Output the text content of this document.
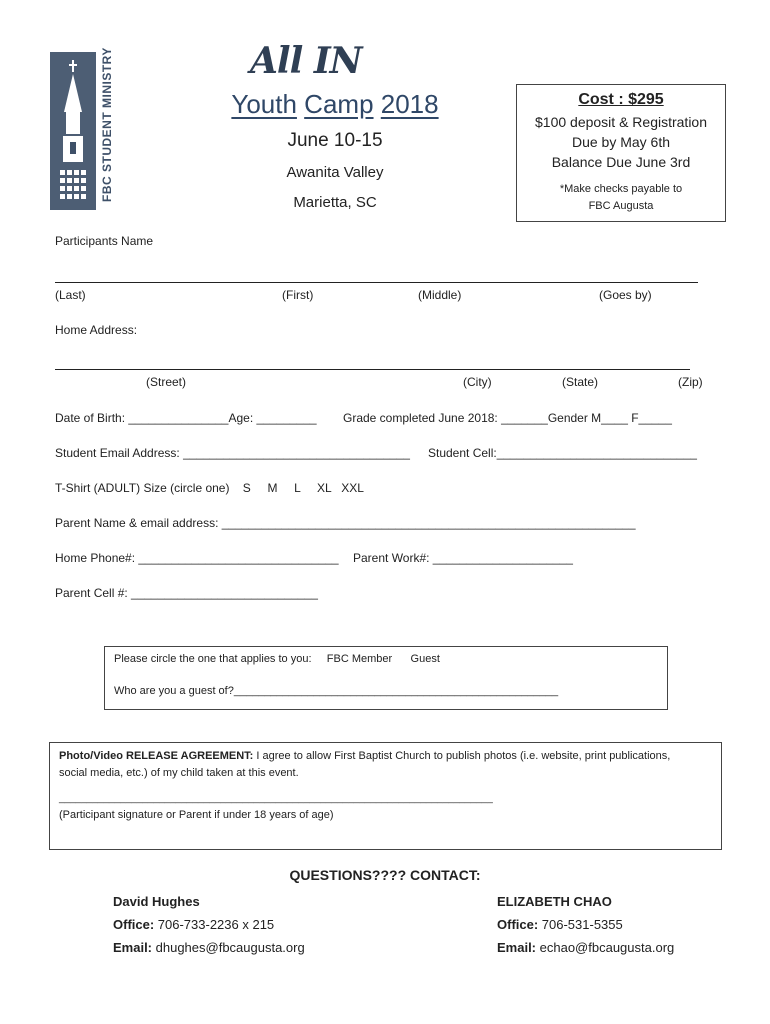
FBC STUDENT MINISTRY	All IN
Youth Camp 2018
June 10-15
Awanita Valley
Marietta, SC
Cost : $295
$100 deposit & Registration
Due by May 6th
Balance Due June 3rd
*Make checks payable to
FBC Augusta
Participants Name
(Last)	(First)	(Middle)	(Goes by)
Home Address:
(Street)	(City)	(State)	(Zip)
Date of Birth: _______________Age: _________ Grade completed June 2018: _______Gender M____ F_____
Student Email Address: __________________________________ Student Cell:______________________________
T-Shirt (ADULT) Size (circle one)    S     M     L     XL   XXL
Parent Name & email address: ______________________________________________________________
Home Phone#: ______________________________ Parent Work#: _____________________
Parent Cell #: ____________________________
Please circle the one that applies to you:     FBC Member      Guest
Who are you a guest of?_____________________________________________________
Photo/Video RELEASE AGREEMENT: I agree to allow First Baptist Church to publish photos (i.e. website, print publications,
social media, etc.) of my child taken at this event.
______________________________________________________________________________
(Participant signature or Parent if under 18 years of age)
QUESTIONS???? CONTACT:
David Hughes
Office: 706-733-2236 x 215
Email: dhughes@fbcaugusta.org
ELIZABETH CHAO
Office: 706-531-5355
Email: echao@fbcaugusta.org
